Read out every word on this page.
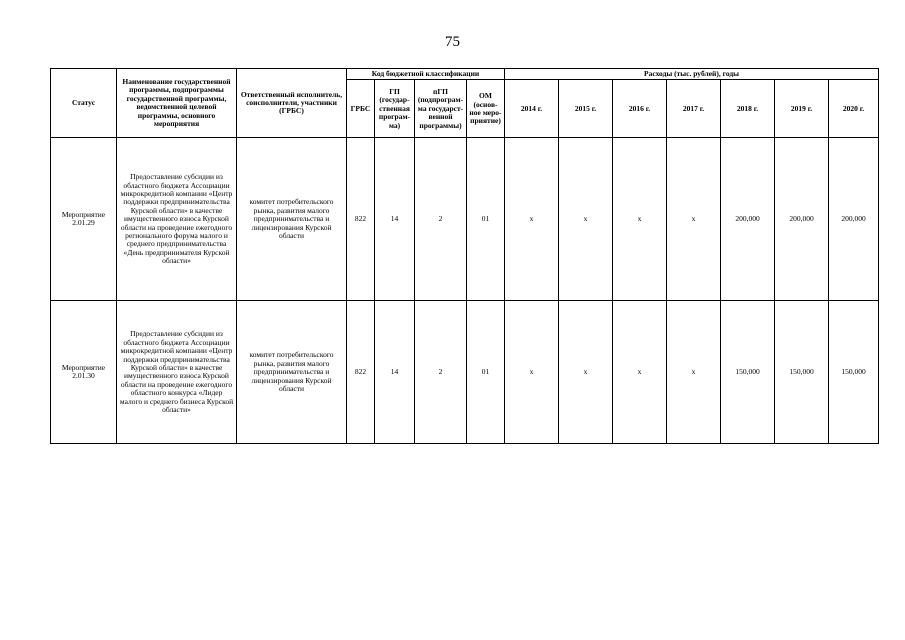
75
Статус	Наименование государственной программы, подпрограммы государственной программы, ведомственной целевой программы, основного мероприятия	Ответственный исполнитель, соисполнители, участники (ГРБС)	Код бюджетной классификации				Расходы (тыс. рублей), годы						
			ГРБС	ГП (государ-ственная програм-ма)	пГП (подпрограм-ма государст-венной программы)	ОМ (основ-ное меро-приятие)	2014 г.	2015 г.	2016 г.	2017 г.	2018 г.	2019 г.	2020 г.
Мероприятие 2.01.29	Предоставление субсидии из областного бюджета Ассоциации микрокредитной компании «Центр поддержки предпринимательства Курской области» в качестве имущественного взноса Курской области на проведение ежегодного регионального форума малого и среднего предпринимательства «День предпринимателя Курской области»	комитет потребительского рынка, развития малого предпринимательства и лицензирования Курской области	822	14	2	01	x	x	x	x	200,000	200,000	200,000
Мероприятие 2.01.30	Предоставление субсидии из областного бюджета Ассоциации микрокредитной компании «Центр поддержки предпринимательства Курской области» в качестве имущественного взноса Курской области на проведение ежегодного областного конкурса «Лидер малого и среднего бизнеса Курской области»	комитет потребительского рынка, развития малого предпринимательства и лицензирования Курской области	822	14	2	01	x	x	x	x	150,000	150,000	150,000
